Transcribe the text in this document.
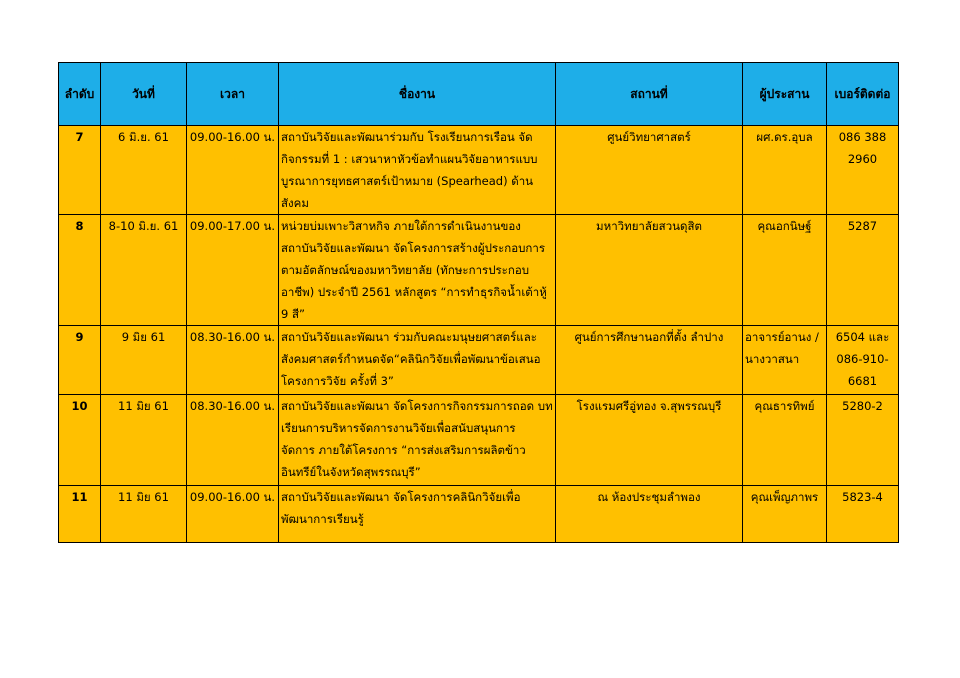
ลำดับ	วันที่	เวลา	ชื่องาน	สถานที่	ผู้ประสาน	เบอร์ติดต่อ
7	6 มิ.ย. 61	09.00-16.00 น.	สถาบันวิจัยและพัฒนาร่วมกับ โรงเรียนการเรือน จัด กิจกรรมที่ 1 : เสวนาหาหัวข้อทำแผนวิจัยอาหารแบบ บูรณาการยุทธศาสตร์เป้าหมาย (Spearhead) ด้านสังคม	ศูนย์วิทยาศาสตร์	ผศ.ดร.อุบล	086 388 2960
8	8-10 มิ.ย. 61	09.00-17.00 น.	หน่วยบ่มเพาะวิสาหกิจ ภายใต้การดำเนินงานของ สถาบันวิจัยและพัฒนา จัดโครงการสร้างผู้ประกอบการ ตามอัตลักษณ์ของมหาวิทยาลัย (ทักษะการประกอบ อาชีพ) ประจำปี 2561 หลักสูตร “การทำธุรกิจน้ำเต้าหู้ 9 สี”	มหาวิทยาลัยสวนดุสิต	คุณอกนิษฐ์	5287
9	9 มิย 61	08.30-16.00 น.	สถาบันวิจัยและพัฒนา ร่วมกับคณะมนุษยศาสตร์และ สังคมศาสตร์กำหนดจัด“คลินิกวิจัยเพื่อพัฒนาข้อเสนอ โครงการวิจัย ครั้งที่ 3”	ศูนย์การศึกษานอกที่ตั้ง ลำปาง	อาจารย์อานง / นางวาสนา	6504 และ 086-910-6681
10	11 มิย 61	08.30-16.00 น.	สถาบันวิจัยและพัฒนา จัดโครงการกิจกรรมการถอด บทเรียนการบริหารจัดการงานวิจัยเพื่อสนับสนุนการ จัดการ ภายใต้โครงการ “การส่งเสริมการผลิตข้าว อินทรีย์ในจังหวัดสุพรรณบุรี”	โรงแรมศรีอู่ทอง จ.สุพรรณบุรี	คุณธารทิพย์	5280-2
11	11 มิย 61	09.00-16.00 น.	สถาบันวิจัยและพัฒนา จัดโครงการคลินิกวิจัยเพื่อ พัฒนาการเรียนรู้	ณ ห้องประชุมลำพอง	คุณเพ็ญภาพร	5823-4
